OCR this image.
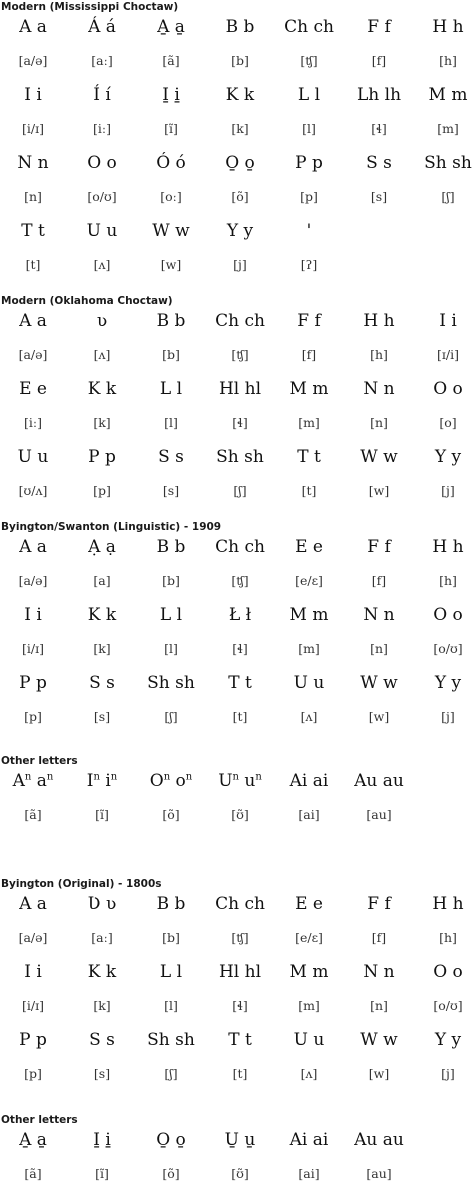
Modern (Mississippi Choctaw)
A a
[a/ə]
Á á
[aː]
A̱ a̱
[ã]
B b
[b]
Ch ch
[ʧ]
F f
[f]
H h
[h]
I i
[i/ɪ]
Í í
[iː]
I̱ i̱
[ĩ]
K k
[k]
L l
[l]
Lh lh
[ɬ]
M m
[m]
N n
[n]
O o
[o/ʊ]
Ó ó
[oː]
O̱ o̱
[õ]
P p
[p]
S s
[s]
Sh sh
[ʃ]
T t
[t]
U u
[ʌ]
W w
[w]
Y y
[j]
'
[ʔ]
Modern (Oklahoma Choctaw)
A a
[a/ə]
ʋ
[ʌ]
B b
[b]
Ch ch
[ʧ]
F f
[f]
H h
[h]
I i
[ɪ/i]
E e
[iː]
K k
[k]
L l
[l]
Hl hl
[ɬ]
M m
[m]
N n
[n]
O o
[o]
U u
[ʊ/ʌ]
P p
[p]
S s
[s]
Sh sh
[ʃ]
T t
[t]
W w
[w]
Y y
[j]
Byington/Swanton (Linguistic) - 1909
A a
[a/ə]
Ạ ạ
[a]
B b
[b]
Ch ch
[ʧ]
E e
[e/ɛ]
F f
[f]
H h
[h]
I i
[i/ɪ]
K k
[k]
L l
[l]
Ł ł
[ɬ]
M m
[m]
N n
[n]
O o
[o/ʊ]
P p
[p]
S s
[s]
Sh sh
[ʃ]
T t
[t]
U u
[ʌ]
W w
[w]
Y y
[j]
Other letters
$A^n$ $a^n$
[ã]
$I^n$ $i^n$
[ĩ]
$O^n$ $o^n$
[õ]
$U^n$ $u^n$
[ʊ̃]
Ai ai
[ai]
Au au
[au]
Byington (Original) - 1800s
A a
[a/ə]
Ʋ ʋ
[aː]
B b
[b]
Ch ch
[ʧ]
E e
[e/ɛ]
F f
[f]
H h
[h]
I i
[i/ɪ]
K k
[k]
L l
[l]
Hl hl
[ɬ]
M m
[m]
N n
[n]
O o
[o/ʊ]
P p
[p]
S s
[s]
Sh sh
[ʃ]
T t
[t]
U u
[ʌ]
W w
[w]
Y y
[j]
Other letters
A̱ a̱
[ã]
I̱ i̱
[ĩ]
O̱ o̱
[õ]
U̱ u̱
[ʊ̃]
Ai ai
[ai]
Au au
[au]
